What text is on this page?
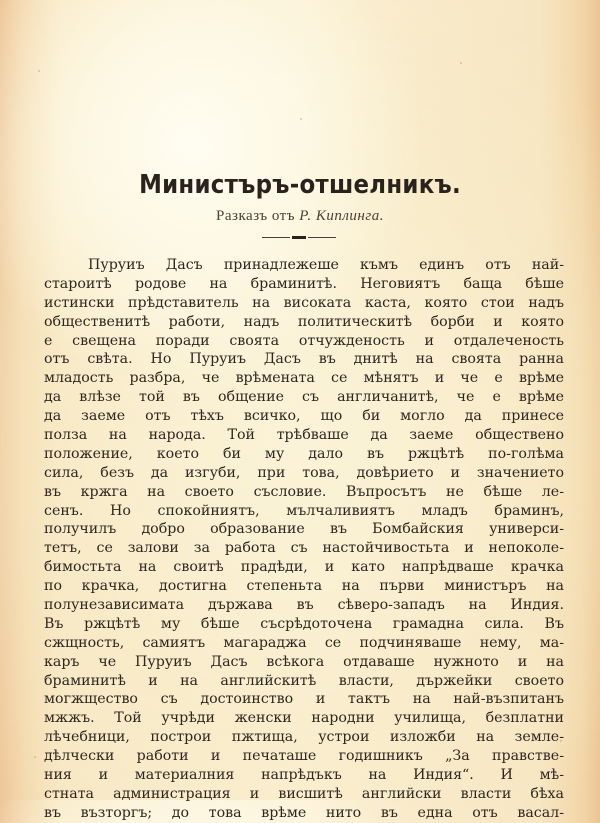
Министъръ-отшелникъ.
Разказъ отъ Р. Киплинга.
Пуруиъ Дасъ принадлежеше къмъ единъ отъ най-
староитѣ родове на браминитѣ. Неговиятъ баща бѣше
истински прѣдставитель на високата каста, която стои надъ
общественитѣ работи, надъ политическитѣ борби и която
е свещена поради своята отчужденость и отдалеченость
отъ свѣта. Но Пуруиъ Дасъ въ днитѣ на своята ранна
младость разбра, че врѣмената се мѣнятъ и че е врѣме
да влѣзе той въ общение съ англичанитѣ, че е врѣме
да заеме отъ тѣхъ всичко, що би могло да принесе
полза на народа. Той трѣбваше да заеме обществено
положение, което би му дало въ ржцѣтѣ по-голѣма
сила, безъ да изгуби, при това, довѣрието и значението
въ кржга на своето съсловие. Въпросътъ не бѣше ле-
сенъ. Но спокойниятъ, мълчаливиятъ младъ браминъ,
получилъ добро образование въ Бомбайския универси-
тетъ, се залови за работа съ настойчивостьта и непоколе-
бимостьта на своитѣ прадѣди, и като напрѣдваше крачка
по крачка, достигна степеньта на първи министъръ на
полунезависимата държава въ сѣверо-западъ на Индия.
Въ ржцѣтѣ му бѣше съсрѣдоточена грамадна сила. Въ
сжщность, самиятъ магараджа се подчиняваше нему, ма-
каръ че Пуруиъ Дасъ всѣкога отдаваше нужното и на
браминитѣ и на английскитѣ власти, държейки своето
могжщество съ достоинство и тактъ на най-възпитанъ
мжжъ. Той учрѣди женски народни училища, безплатни
лѣчебници, построи пжтища, устрои изложби на земле-
дѣлчески работи и печаташе годишникъ „За правстве-
ния и материалния напрѣдъкъ на Индия“. И мѣ-
стната администрация и висшитѣ английски власти бѣха
въ възторгъ; до това врѣме нито въ една отъ васал-
